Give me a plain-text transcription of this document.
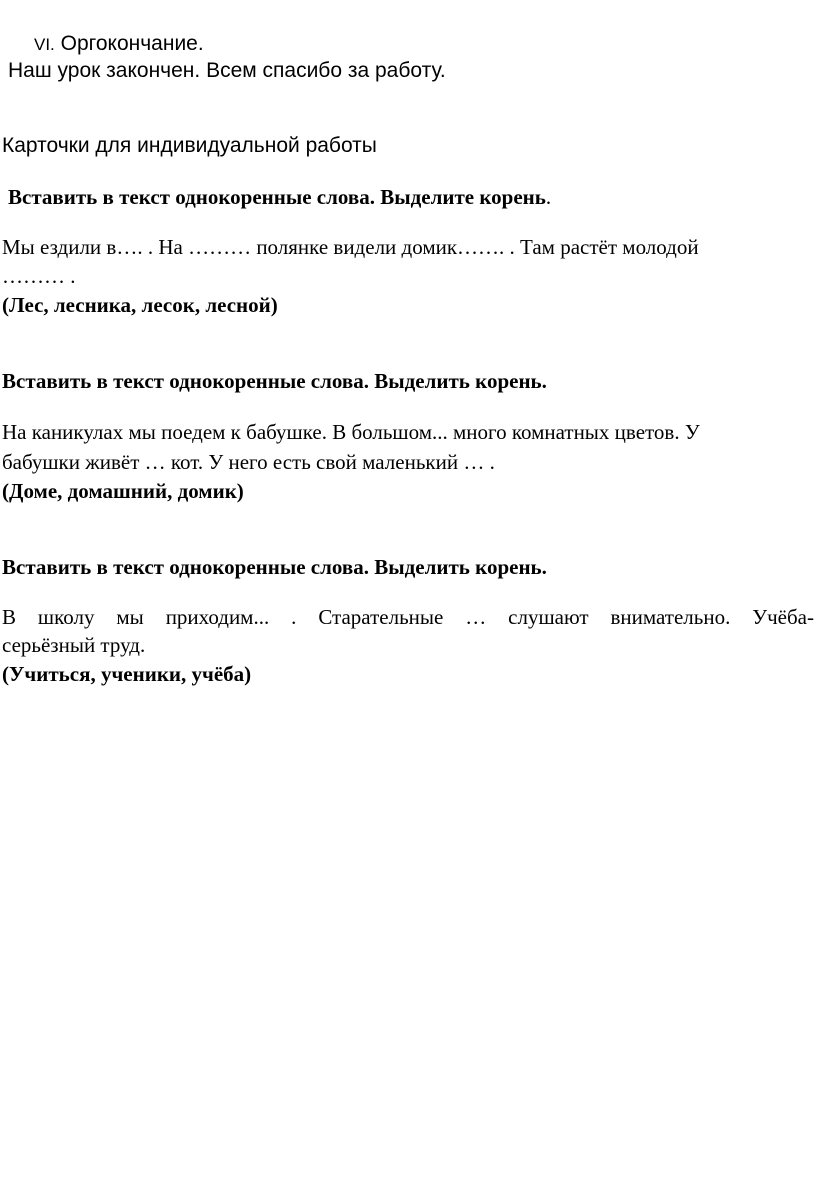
VI. Оргокончание.
Наш урок закончен. Всем спасибо за работу.
Карточки для индивидуальной работы
Вставить в текст однокоренные слова. Выделите корень.
Мы ездили в…. . На ……… полянке видели домик……. . Там растёт молодой
……… .
(Лес, лесника, лесок, лесной)
Вставить в текст однокоренные слова. Выделить корень.
На каникулах мы поедем к бабушке. В большом... много комнатных цветов. У
бабушки живёт … кот. У него есть свой маленький … .
(Доме, домашний, домик)
Вставить в текст однокоренные слова. Выделить корень.
В школу мы приходим... . Старательные … слушают внимательно. Учёба-
серьёзный труд.
(Учиться, ученики, учёба)
